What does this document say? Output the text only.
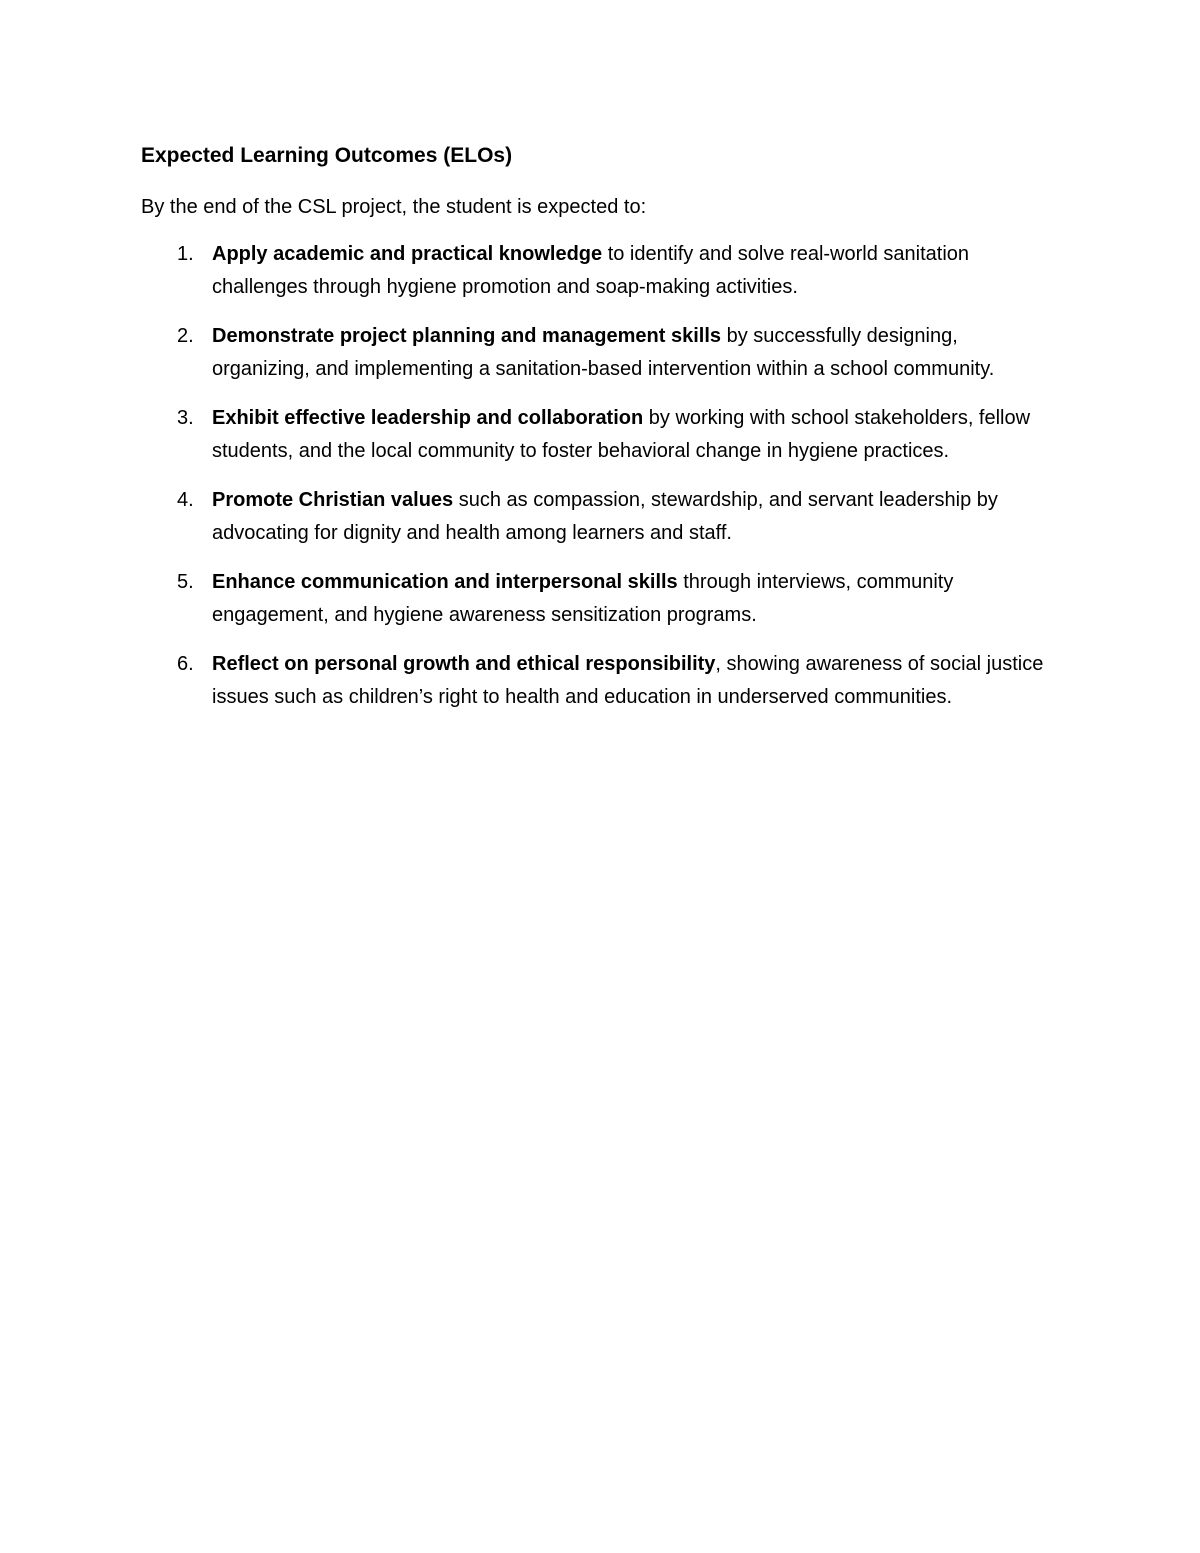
Expected Learning Outcomes (ELOs)
By the end of the CSL project, the student is expected to:
1. Apply academic and practical knowledge to identify and solve real-world sanitation challenges through hygiene promotion and soap-making activities.
2. Demonstrate project planning and management skills by successfully designing, organizing, and implementing a sanitation-based intervention within a school community.
3. Exhibit effective leadership and collaboration by working with school stakeholders, fellow students, and the local community to foster behavioral change in hygiene practices.
4. Promote Christian values such as compassion, stewardship, and servant leadership by advocating for dignity and health among learners and staff.
5. Enhance communication and interpersonal skills through interviews, community engagement, and hygiene awareness sensitization programs.
6. Reflect on personal growth and ethical responsibility, showing awareness of social justice issues such as children’s right to health and education in underserved communities.
